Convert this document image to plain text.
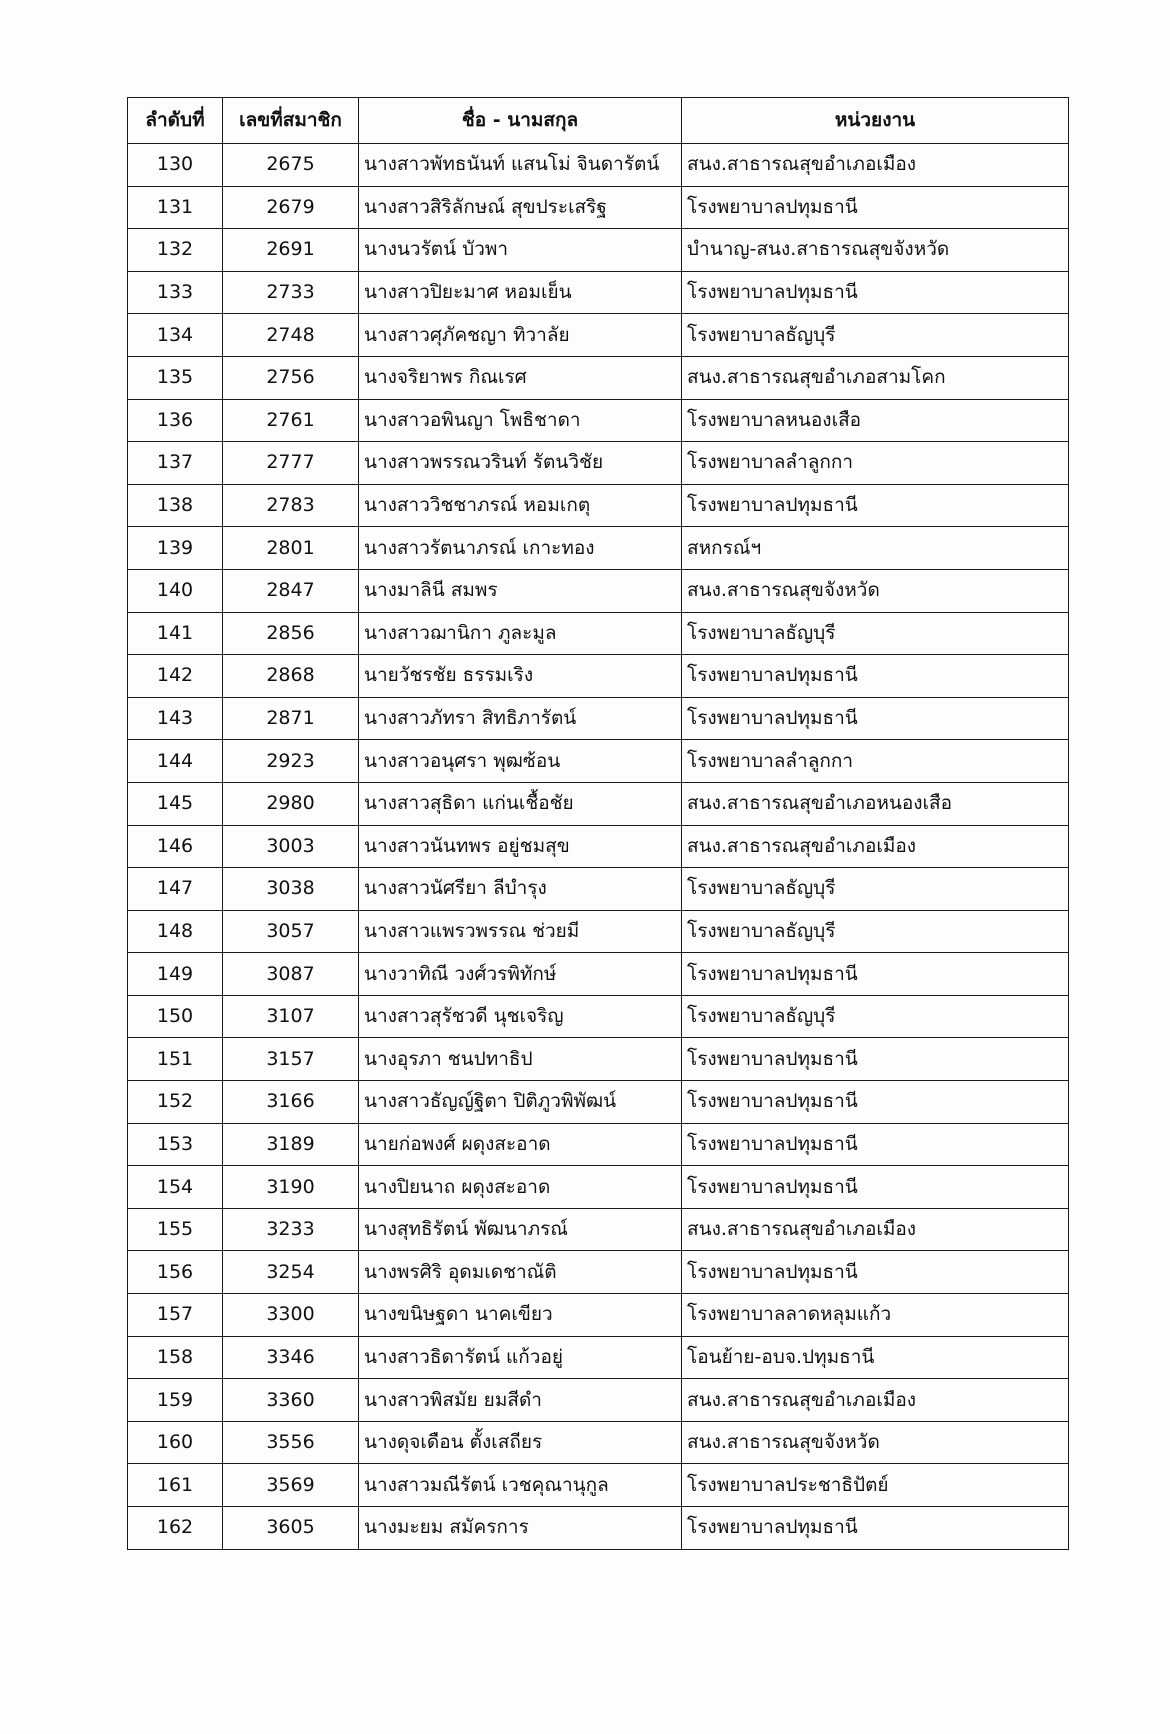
ลำดับที่	เลขที่สมาชิก	ชื่อ - นามสกุล	หน่วยงาน
130	2675	นางสาวพัทธนันท์ แสนโม่ จินดารัตน์	สนง.สาธารณสุขอำเภอเมือง
131	2679	นางสาวสิริลักษณ์ สุขประเสริฐ	โรงพยาบาลปทุมธานี
132	2691	นางนวรัตน์ บัวพา	บำนาญ-สนง.สาธารณสุขจังหวัด
133	2733	นางสาวปิยะมาศ หอมเย็น	โรงพยาบาลปทุมธานี
134	2748	นางสาวศุภัคชญา ทิวาลัย	โรงพยาบาลธัญบุรี
135	2756	นางจริยาพร กิณเรศ	สนง.สาธารณสุขอำเภอสามโคก
136	2761	นางสาวอพินญา โพธิชาดา	โรงพยาบาลหนองเสือ
137	2777	นางสาวพรรณวรินท์ รัตนวิชัย	โรงพยาบาลลำลูกกา
138	2783	นางสาววิชชาภรณ์ หอมเกตุ	โรงพยาบาลปทุมธานี
139	2801	นางสาวรัตนาภรณ์ เกาะทอง	สหกรณ์ฯ
140	2847	นางมาลินี สมพร	สนง.สาธารณสุขจังหวัด
141	2856	นางสาวฌานิกา ภูละมูล	โรงพยาบาลธัญบุรี
142	2868	นายวัชรชัย ธรรมเริง	โรงพยาบาลปทุมธานี
143	2871	นางสาวภัทรา สิทธิภารัตน์	โรงพยาบาลปทุมธานี
144	2923	นางสาวอนุศรา พุฒซ้อน	โรงพยาบาลลำลูกกา
145	2980	นางสาวสุธิดา แก่นเชื้อชัย	สนง.สาธารณสุขอำเภอหนองเสือ
146	3003	นางสาวนันทพร อยู่ชมสุข	สนง.สาธารณสุขอำเภอเมือง
147	3038	นางสาวนัศรียา ลีบำรุง	โรงพยาบาลธัญบุรี
148	3057	นางสาวแพรวพรรณ ช่วยมี	โรงพยาบาลธัญบุรี
149	3087	นางวาทิณี วงศ์วรพิทักษ์	โรงพยาบาลปทุมธานี
150	3107	นางสาวสุรัชวดี นุชเจริญ	โรงพยาบาลธัญบุรี
151	3157	นางอุรภา ชนปทาธิป	โรงพยาบาลปทุมธานี
152	3166	นางสาวธัญญ์ฐิตา ปิติภูวพิพัฒน์	โรงพยาบาลปทุมธานี
153	3189	นายก่อพงศ์ ผดุงสะอาด	โรงพยาบาลปทุมธานี
154	3190	นางปิยนาถ ผดุงสะอาด	โรงพยาบาลปทุมธานี
155	3233	นางสุทธิรัตน์ พัฒนาภรณ์	สนง.สาธารณสุขอำเภอเมือง
156	3254	นางพรศิริ อุดมเดชาณัติ	โรงพยาบาลปทุมธานี
157	3300	นางขนิษฐดา นาคเขียว	โรงพยาบาลลาดหลุมแก้ว
158	3346	นางสาวธิดารัตน์ แก้วอยู่	โอนย้าย-อบจ.ปทุมธานี
159	3360	นางสาวพิสมัย ยมสีดำ	สนง.สาธารณสุขอำเภอเมือง
160	3556	นางดุจเดือน ตั้งเสถียร	สนง.สาธารณสุขจังหวัด
161	3569	นางสาวมณีรัตน์ เวชคุณานุกูล	โรงพยาบาลประชาธิปัตย์
162	3605	นางมะยม สมัครการ	โรงพยาบาลปทุมธานี
